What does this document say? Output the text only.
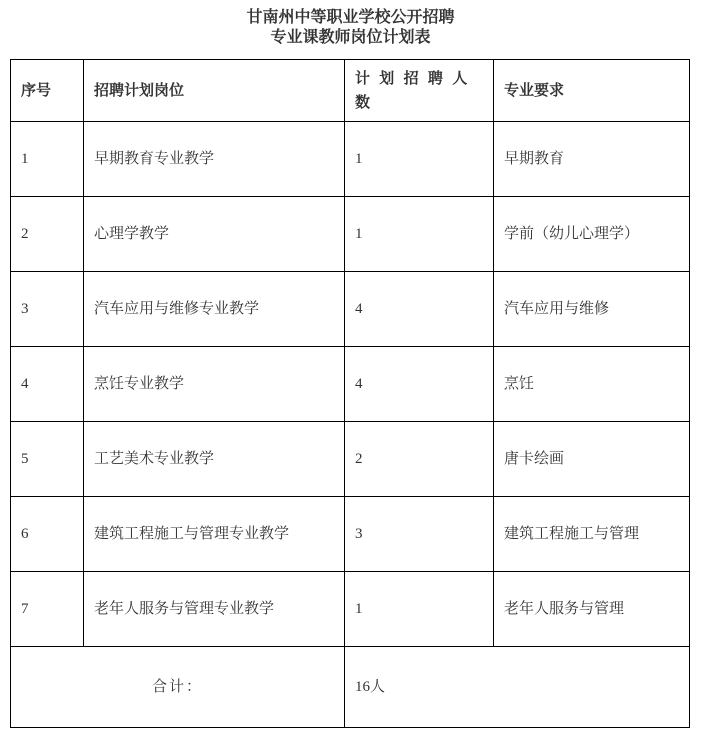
甘南州中等职业学校公开招聘
专业课教师岗位计划表
序号	招聘计划岗位	计划招聘人数	专业要求
1	早期教育专业教学	1	早期教育
2	心理学教学	1	学前（幼儿心理学）
3	汽车应用与维修专业教学	4	汽车应用与维修
4	烹饪专业教学	4	烹饪
5	工艺美术专业教学	2	唐卡绘画
6	建筑工程施工与管理专业教学	3	建筑工程施工与管理
7	老年人服务与管理专业教学	1	老年人服务与管理
合计：		16人	
